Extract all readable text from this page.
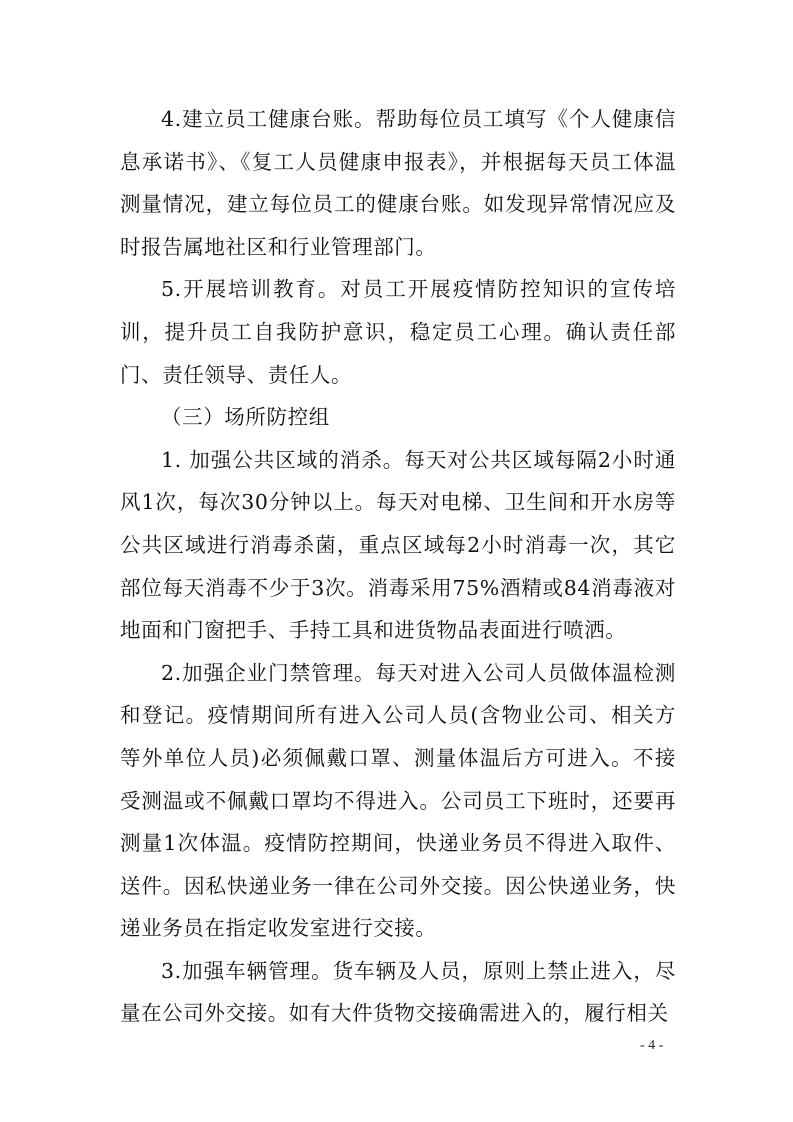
4.建立员工健康台账。帮助每位员工填写《个人健康信息承诺书》、《复工人员健康申报表》，并根据每天员工体温测量情况，建立每位员工的健康台账。如发现异常情况应及时报告属地社区和行业管理部门。

5.开展培训教育。对员工开展疫情防控知识的宣传培训，提升员工自我防护意识，稳定员工心理。确认责任部门、责任领导、责任人。

（三）场所防控组

1. 加强公共区域的消杀。每天对公共区域每隔2小时通风1次，每次30分钟以上。每天对电梯、卫生间和开水房等公共区域进行消毒杀菌，重点区域每2小时消毒一次，其它部位每天消毒不少于3次。消毒采用75%酒精或84消毒液对地面和门窗把手、手持工具和进货物品表面进行喷洒。

2.加强企业门禁管理。每天对进入公司人员做体温检测和登记。疫情期间所有进入公司人员(含物业公司、相关方等外单位人员)必须佩戴口罩、测量体温后方可进入。不接受测温或不佩戴口罩均不得进入。公司员工下班时，还要再测量1次体温。疫情防控期间，快递业务员不得进入取件、送件。因私快递业务一律在公司外交接。因公快递业务，快递业务员在指定收发室进行交接。

3.加强车辆管理。货车辆及人员，原则上禁止进入，尽量在公司外交接。如有大件货物交接确需进入的，履行相关

- 4 -
